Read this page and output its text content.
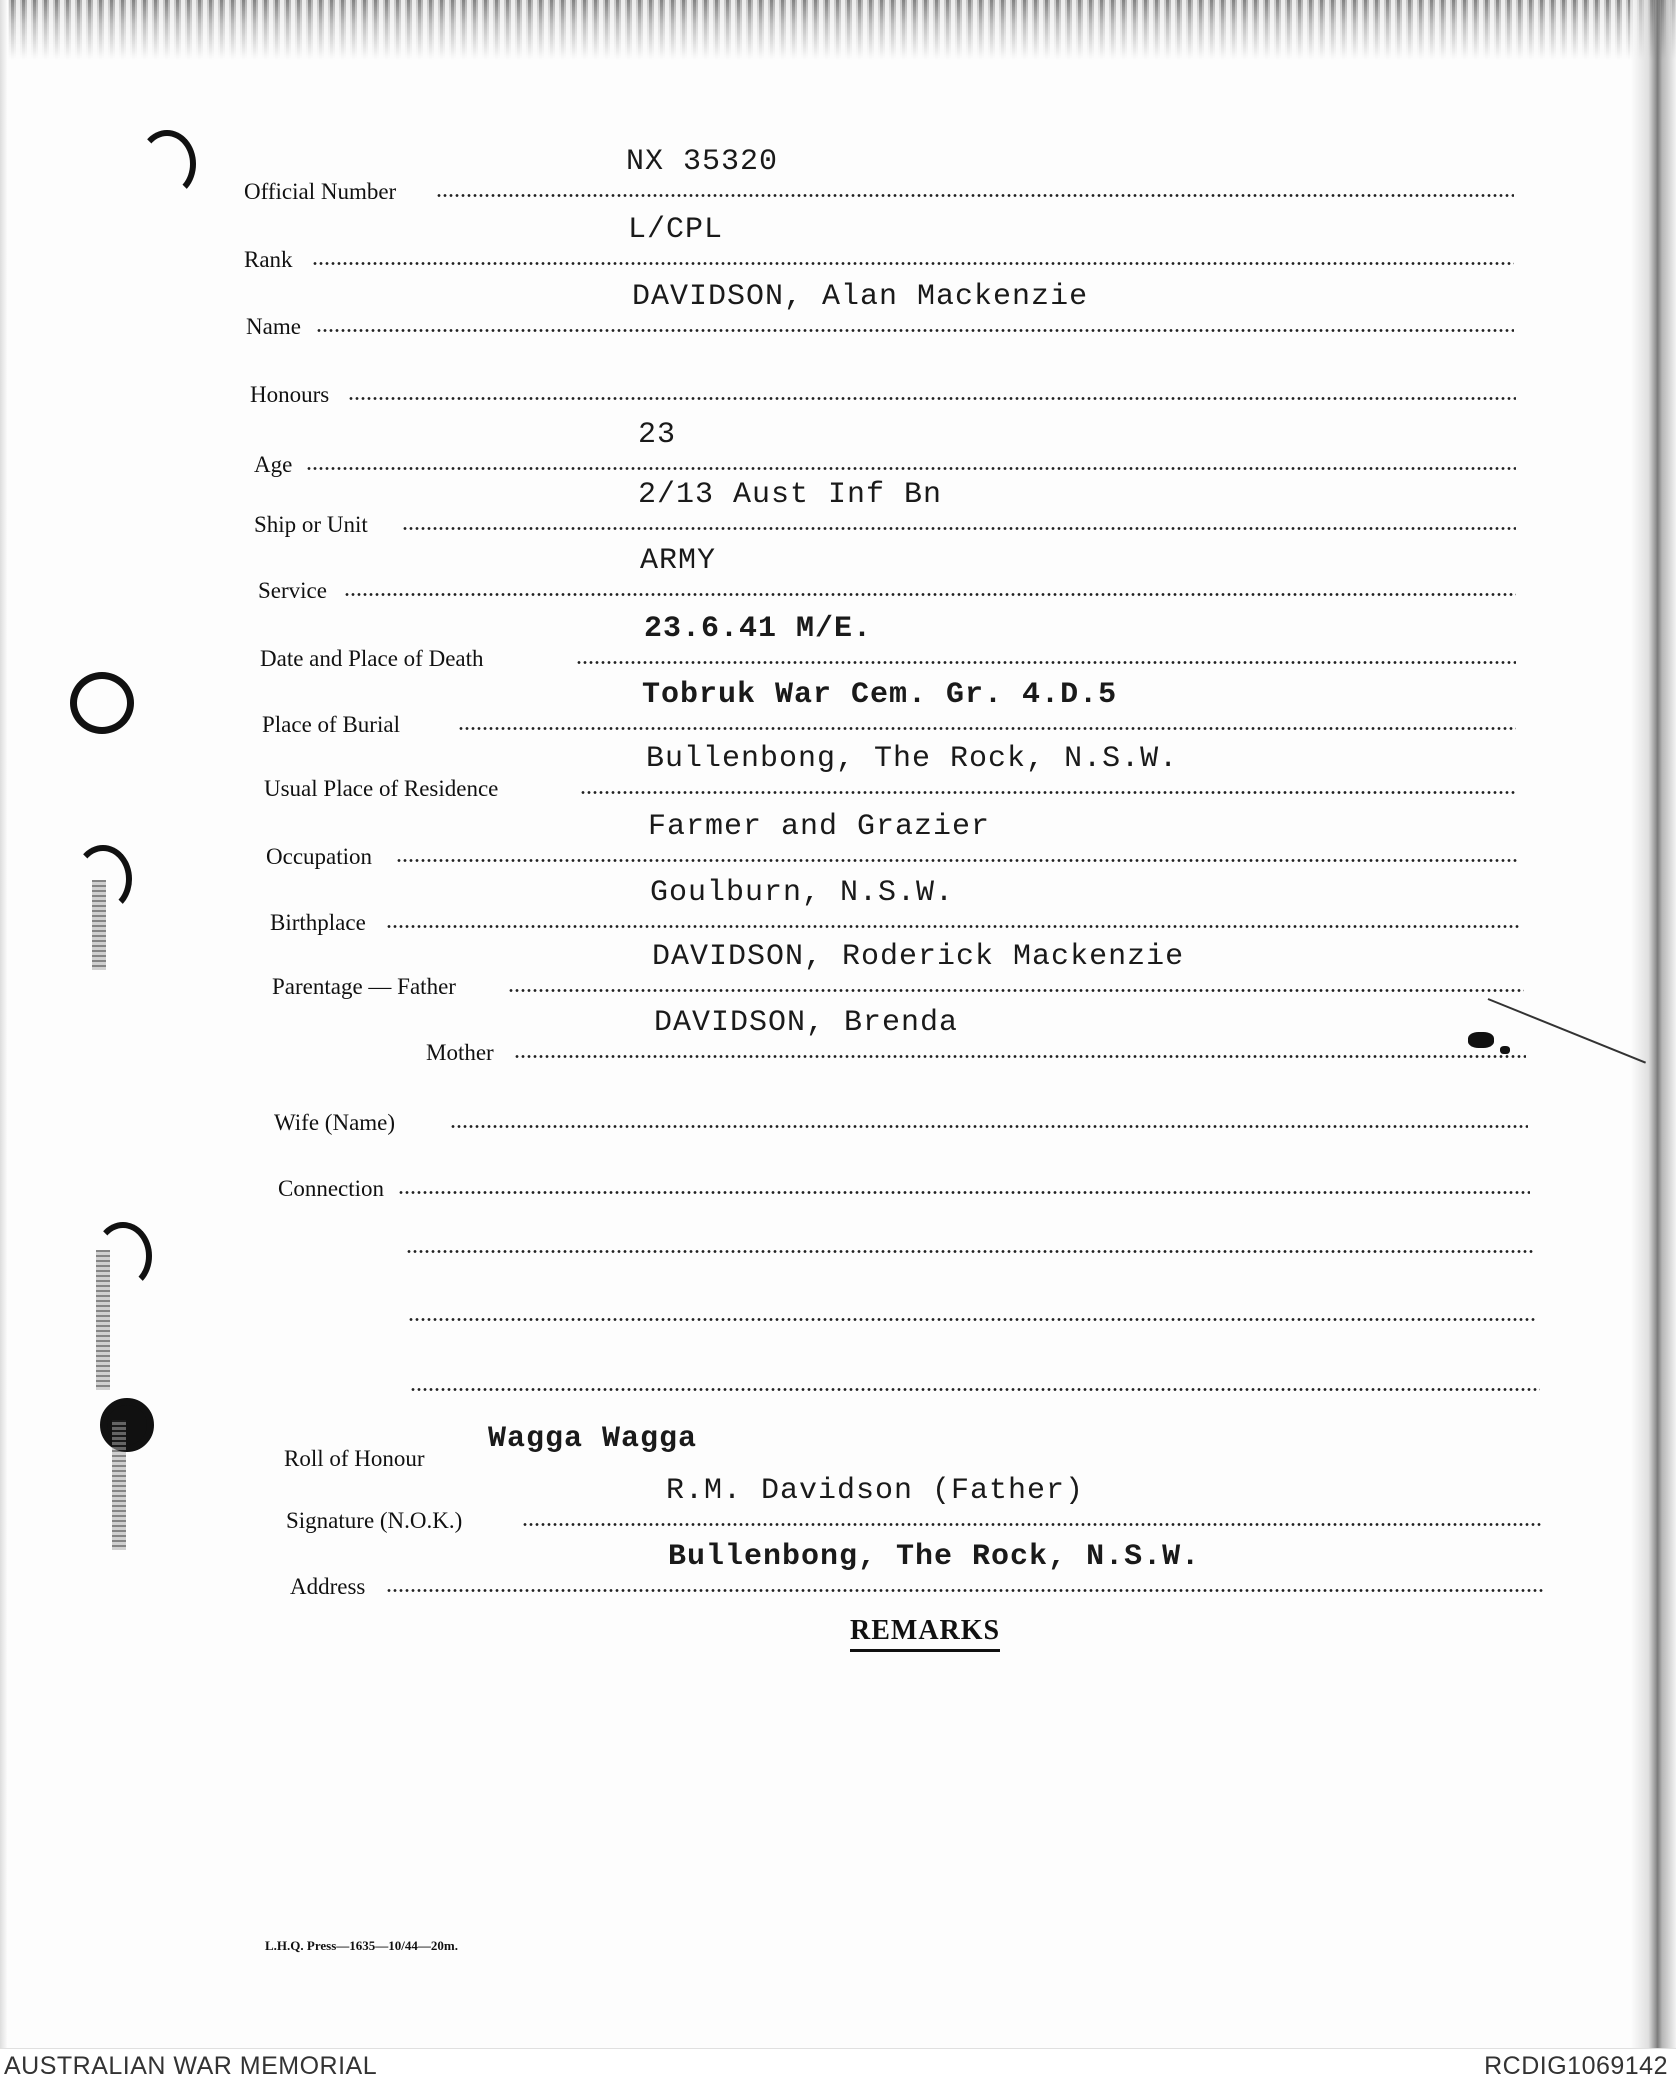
Official Number
NX 35320
Rank
L/CPL
Name
DAVIDSON, Alan Mackenzie
Honours
Age
23
Ship or Unit
2/13 Aust Inf Bn
Service
ARMY
Date and Place of Death
23.6.41 M/E.
Place of Burial
Tobruk War Cem. Gr. 4.D.5
Usual Place of Residence
Bullenbong, The Rock, N.S.W.
Occupation
Farmer and Grazier
Birthplace
Goulburn, N.S.W.
Parentage — Father
DAVIDSON, Roderick Mackenzie
Mother
DAVIDSON, Brenda
Wife (Name)
Connection
Roll of Honour
Wagga Wagga
Signature (N.O.K.)
R.M. Davidson (Father)
Address
Bullenbong, The Rock, N.S.W.
REMARKS
L.H.Q. Press—1635—10/44—20m.
AUSTRALIAN WAR MEMORIAL	RCDIG1069142
